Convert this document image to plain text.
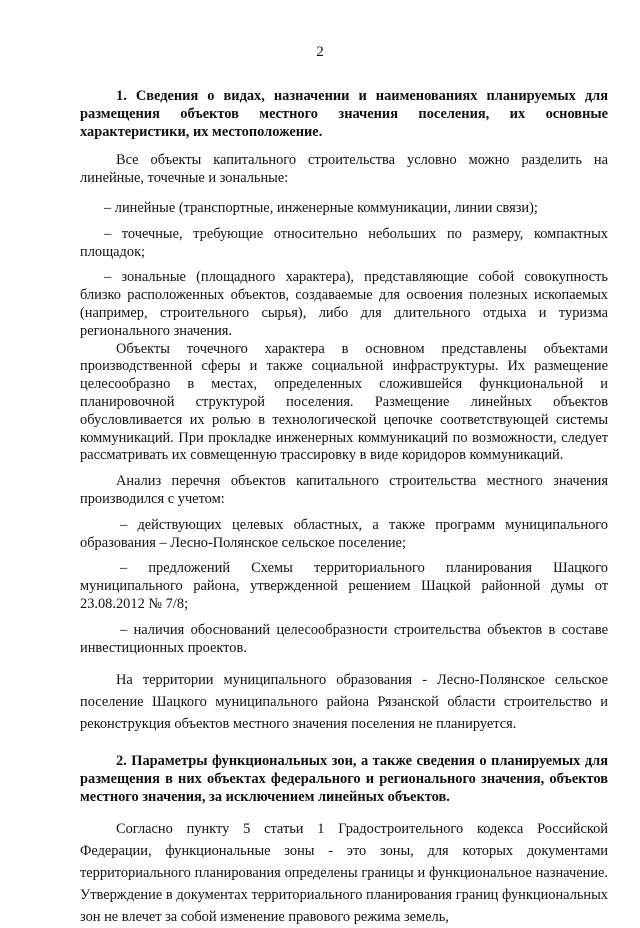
2

1. Сведения о видах, назначении и наименованиях планируемых для размещения объектов местного значения поселения, их основные характеристики, их местоположение.

Все объекты капитального строительства условно можно разделить на линейные, точечные и зональные:

– линейные (транспортные, инженерные коммуникации, линии связи);

– точечные, требующие относительно небольших по размеру, компактных площадок;

– зональные (площадного характера), представляющие собой совокупность близко расположенных объектов, создаваемые для освоения полезных ископаемых (например, строительного сырья), либо для длительного отдыха и туризма регионального значения.

Объекты точечного характера в основном представлены объектами производственной сферы и также социальной инфраструктуры. Их размещение целесообразно в местах, определенных сложившейся функциональной и планировочной структурой поселения. Размещение линейных объектов обусловливается их ролью в технологической цепочке соответствующей системы коммуникаций. При прокладке инженерных коммуникаций по возможности, следует рассматривать их совмещенную трассировку в виде коридоров коммуникаций.

Анализ перечня объектов капитального строительства местного значения производился с учетом:

– действующих целевых областных, а также программ муниципального образования – Лесно-Полянское сельское поселение;

– предложений Схемы территориального планирования Шацкого муниципального района, утвержденной решением Шацкой районной думы от 23.08.2012 № 7/8;

– наличия обоснований целесообразности строительства объектов в составе инвестиционных проектов.

На территории муниципального образования - Лесно-Полянское сельское поселение Шацкого муниципального района Рязанской области строительство и реконструкция объектов местного значения поселения не планируется.

2. Параметры функциональных зон, а также сведения о планируемых для размещения в них объектах федерального и регионального значения, объектов местного значения, за исключением линейных объектов.

Согласно пункту 5 статьи 1 Градостроительного кодекса Российской Федерации, функциональные зоны - это зоны, для которых документами территориального планирования определены границы и функциональное назначение. Утверждение в документах территориального планирования границ функциональных зон не влечет за собой изменение правового режима земель,
